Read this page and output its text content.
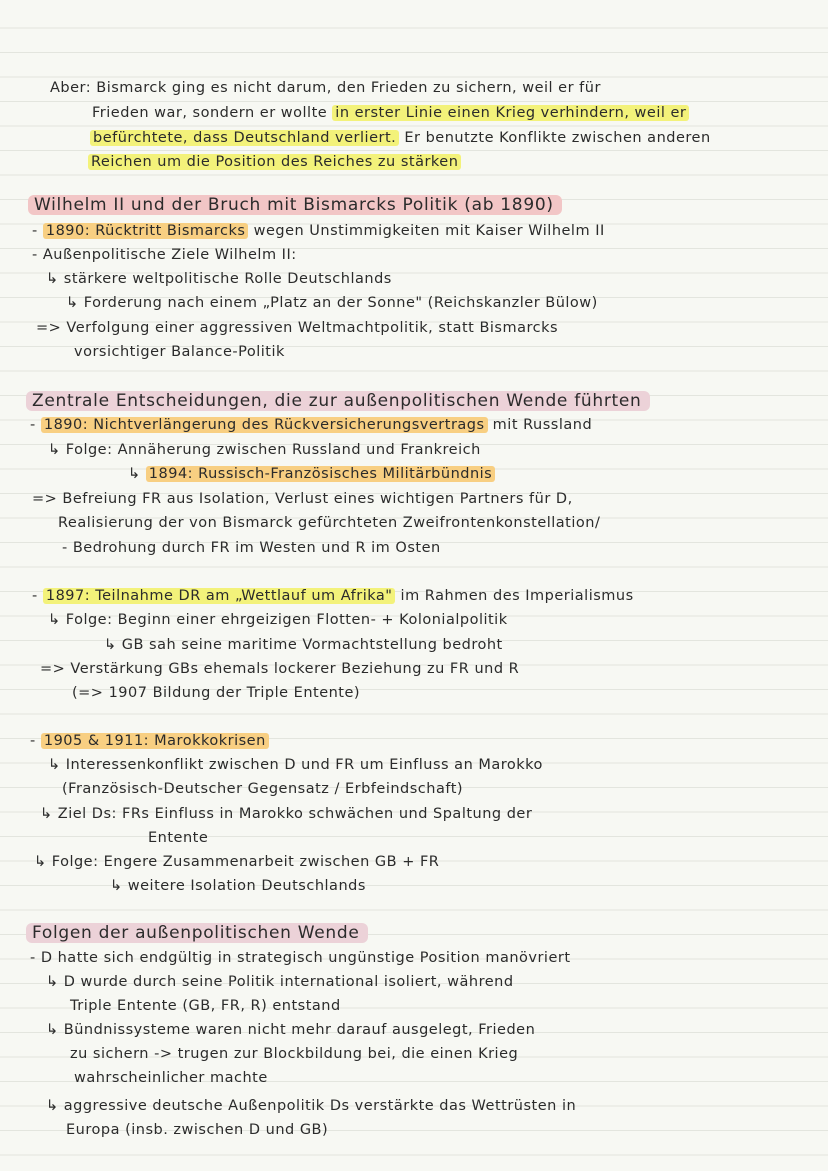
Aber: Bismarck ging es nicht darum, den Frieden zu sichern, weil er für
Frieden war, sondern er wollte in erster Linie einen Krieg verhindern, weil er
befürchtete, dass Deutschland verliert. Er benutzte Konflikte zwischen anderen
Reichen um die Position des Reiches zu stärken
Wilhelm II und der Bruch mit Bismarcks Politik (ab 1890)
- 1890: Rücktritt Bismarcks wegen Unstimmigkeiten mit Kaiser Wilhelm II
- Außenpolitische Ziele Wilhelm II:
↳ stärkere weltpolitische Rolle Deutschlands
↳ Forderung nach einem „Platz an der Sonne" (Reichskanzler Bülow)
=> Verfolgung einer aggressiven Weltmachtpolitik, statt Bismarcks
vorsichtiger Balance-Politik
Zentrale Entscheidungen, die zur außenpolitischen Wende führten
- 1890: Nichtverlängerung des Rückversicherungsvertrags mit Russland
↳ Folge: Annäherung zwischen Russland und Frankreich
↳ 1894: Russisch-Französisches Militärbündnis
=> Befreiung FR aus Isolation, Verlust eines wichtigen Partners für D,
Realisierung der von Bismarck gefürchteten Zweifrontenkonstellation/
- Bedrohung durch FR im Westen und R im Osten
- 1897: Teilnahme DR am „Wettlauf um Afrika" im Rahmen des Imperialismus
↳ Folge: Beginn einer ehrgeizigen Flotten- + Kolonialpolitik
↳ GB sah seine maritime Vormachtstellung bedroht
=> Verstärkung GBs ehemals lockerer Beziehung zu FR und R
(=> 1907 Bildung der Triple Entente)
- 1905 & 1911: Marokkokrisen
↳ Interessenkonflikt zwischen D und FR um Einfluss an Marokko
(Französisch-Deutscher Gegensatz / Erbfeindschaft)
↳ Ziel Ds: FRs Einfluss in Marokko schwächen und Spaltung der
Entente
↳ Folge: Engere Zusammenarbeit zwischen GB + FR
↳ weitere Isolation Deutschlands
Folgen der außenpolitischen Wende
- D hatte sich endgültig in strategisch ungünstige Position manövriert
↳ D wurde durch seine Politik international isoliert, während
Triple Entente (GB, FR, R) entstand
↳ Bündnissysteme waren nicht mehr darauf ausgelegt, Frieden
zu sichern -> trugen zur Blockbildung bei, die einen Krieg
wahrscheinlicher machte
↳ aggressive deutsche Außenpolitik Ds verstärkte das Wettrüsten in
Europa (insb. zwischen D und GB)
